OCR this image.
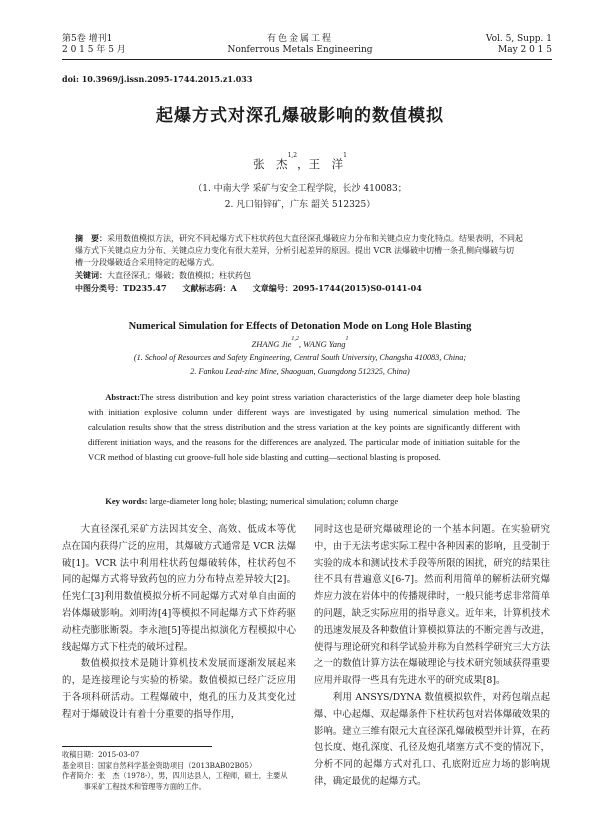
第5卷 增刊1
2 0 1 5 年 5 月
有色金属工程
Nonferrous Metals Engineering
Vol. 5, Supp. 1
May 2 0 1 5
doi: 10.3969/j.issn.2095-1744.2015.z1.033
起爆方式对深孔爆破影响的数值模拟
张　杰$^{1,2}$，王　洋$^1$
（1. 中南大学 采矿与安全工程学院，长沙 410083；
2. 凡口铅锌矿，广东 韶关 512325）
摘　要：采用数值模拟方法，研究不同起爆方式下柱状药包大直径深孔爆破应力分布和关键点应力变化特点。结果表明，不同起
爆方式下关键点应力分布、关键点应力变化有很大差异，分析引起差异的原因。提出 VCR 法爆破中切槽一条孔侧向爆破与切
槽一分段爆破适合采用特定的起爆方式。
关键词：大直径深孔；爆破；数值模拟；柱状药包
中图分类号：TD235.47　　文献标志码：A　　文章编号：2095-1744(2015)S0-0141-04
Numerical Simulation for Effects of Detonation Mode on Long Hole Blasting
ZHANG Jie$^{1,2}$, WANG Yang$^1$
(1. School of Resources and Safety Engineering, Central South University, Changsha 410083, China;
2. Fankou Lead-zinc Mine, Shaoguan, Guangdong 512325, China)
Abstract:The stress distribution and key point stress variation characteristics of the large diameter deep hole blasting with initiation explosive column under different ways are investigated by using numerical simulation method. The calculation results show that the stress distribution and the stress variation at the key points are significantly different with different initiation ways, and the reasons for the differences are analyzed. The particular mode of initiation suitable for the VCR method of blasting cut groove-full hole side blasting and cutting—sectional blasting is proposed.
Key words: large-diameter long hole; blasting; numerical simulation; column charge

大直径深孔采矿方法因其安全、高效、低成本等优点在国内获得广泛的应用，其爆破方式通常是 VCR 法爆破[1]。VCR 法中利用柱状药包爆破转体，柱状药包不同的起爆方式将导致药包的应力分布特点差异较大[2]。任宪仁[3]利用数值模拟分析不同起爆方式对单自由面的岩体爆破影响。刘明涛[4]等模拟不同起爆方式下炸药驱动柱壳膨胀断裂。李永池[5]等提出拟演化方程模拟中心线起爆方式下柱壳的破坏过程。

数值模拟技术是随计算机技术发展而逐渐发展起来的，是连接理论与实验的桥梁。数值模拟已经广泛应用于各项科研活动。工程爆破中，炮孔的压力及其变化过程对于爆破设计有着十分重要的指导作用，

同时这也是研究爆破理论的一个基本问题。在实验研究中，由于无法考虑实际工程中各种因素的影响，且受制于实验的成本和测试技术手段等所限的困扰，研究的结果往往不具有普遍意义[6-7]。然而利用简单的解析法研究爆炸应力波在岩体中的传播规律时，一般只能考虑非常简单的问题，缺乏实际应用的指导意义。近年来，计算机技术的迅速发展及各种数值计算模拟算法的不断完善与改进，使得与理论研究和科学试验并称为自然科学研究三大方法之一的数值计算方法在爆破理论与技术研究领域获得重要应用并取得一些具有先进水平的研究成果[8]。

利用 ANSYS/DYNA 数值模拟软件，对药包端点起爆、中心起爆、双起爆条件下柱状药包对岩体爆破效果的影响。建立三维有限元大直径深孔爆破模型并计算，在药包长度、炮孔深度、孔径及炮孔堵塞方式不变的情况下，分析不同的起爆方式对孔口、孔底附近应力场的影响规律，确定最优的起爆方式。

收稿日期：2015-03-07
基金项目：国家自然科学基金资助项目（2013BAB02B05）
作者简介：张　杰（1978-），男，四川达县人，工程师，硕士，主要从
事采矿工程技术和管理等方面的工作。
